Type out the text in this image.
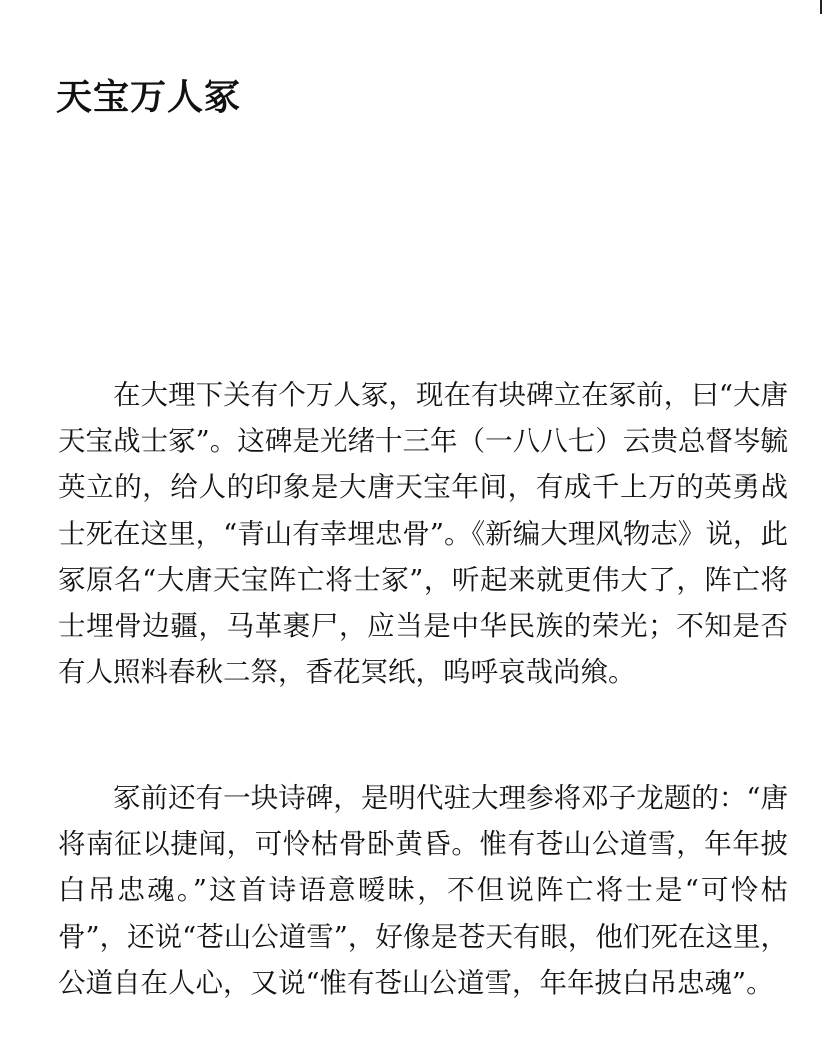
天宝万人冢

在大理下关有个万人冢，现在有块碑立在冢前，曰“大唐天宝战士冢”。这碑是光绪十三年（一八八七）云贵总督岑毓英立的，给人的印象是大唐天宝年间，有成千上万的英勇战士死在这里，“青山有幸埋忠骨”。《新编大理风物志》说，此冢原名“大唐天宝阵亡将士冢”，听起来就更伟大了，阵亡将士埋骨边疆，马革裹尸，应当是中华民族的荣光；不知是否有人照料春秋二祭，香花冥纸，呜呼哀哉尚飨。

冢前还有一块诗碑，是明代驻大理参将邓子龙题的：“唐将南征以捷闻，可怜枯骨卧黄昏。惟有苍山公道雪，年年披白吊忠魂。”这首诗语意暧昧，不但说阵亡将士是“可怜枯骨”，还说“苍山公道雪”，好像是苍天有眼，他们死在这里，公道自在人心，又说“惟有苍山公道雪，年年披白吊忠魂”。
